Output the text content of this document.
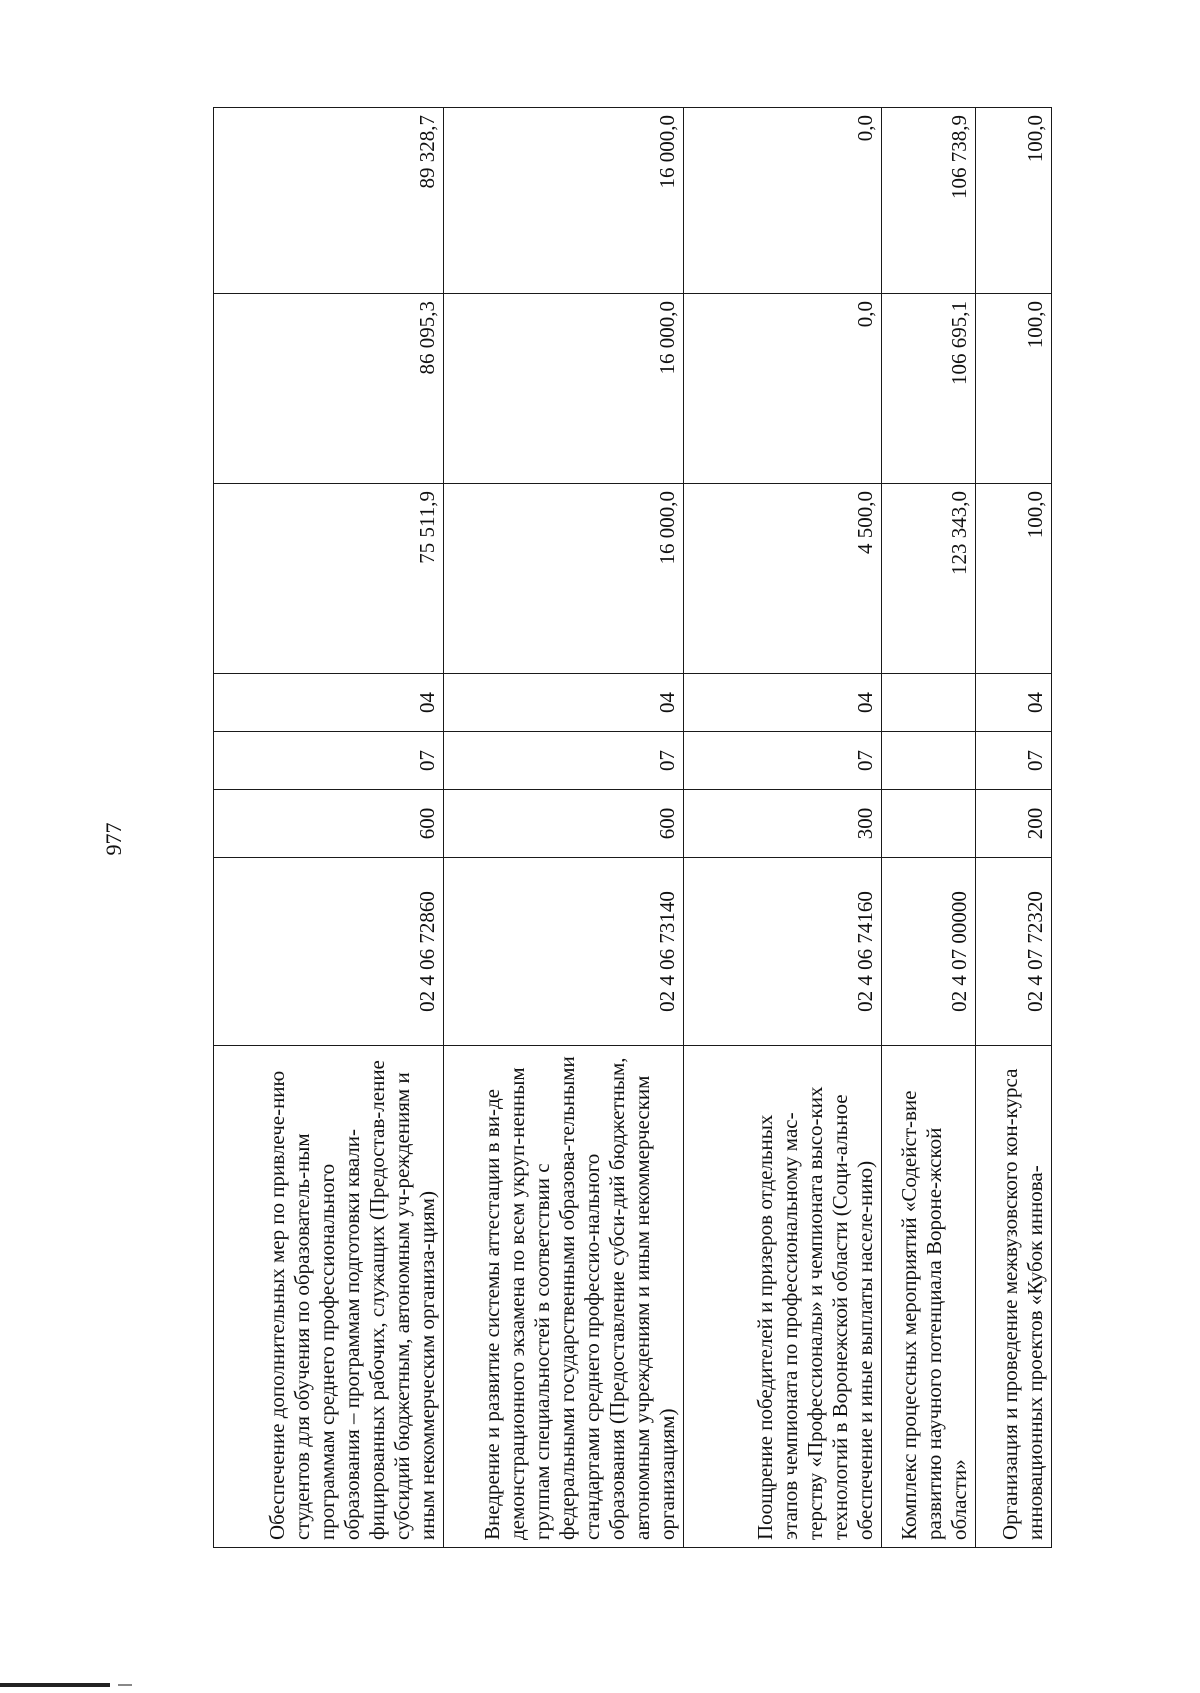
977
Обеспечение дополнительных мер по привлече-нию студентов для обучения по образователь-ным программам среднего профессионального образования – программам подготовки квали-фицированных рабочих, служащих (Предостав-ление субсидий бюджетным, автономным уч-реждениям и иным некоммерческим организа-циям)	02 4 06 72860	600	07	04	75 511,9	86 095,3	89 328,7
Внедрение и развитие системы аттестации в ви-де демонстрационного экзамена по всем укруп-ненным группам специальностей в соответствии с федеральными государственными образова-тельными стандартами среднего профессио-нального образования (Предоставление субси-дий бюджетным, автономным учреждениям и иным некоммерческим организациям)	02 4 06 73140	600	07	04	16 000,0	16 000,0	16 000,0
Поощрение победителей и призеров отдельных этапов чемпионата по профессиональному мас-терству «Профессионалы» и чемпионата высо-ких технологий в Воронежской области (Соци-альное обеспечение и иные выплаты населе-нию)	02 4 06 74160	300	07	04	4 500,0	0,0	0,0
Комплекс процессных мероприятий «Содейст-вие развитию научного потенциала Вороне-жской области»	02 4 07 00000				123 343,0	106 695,1	106 738,9
Организация и проведение межвузовского кон-курса инновационных проектов «Кубок иннова-	02 4 07 72320	200	07	04	100,0	100,0	100,0
